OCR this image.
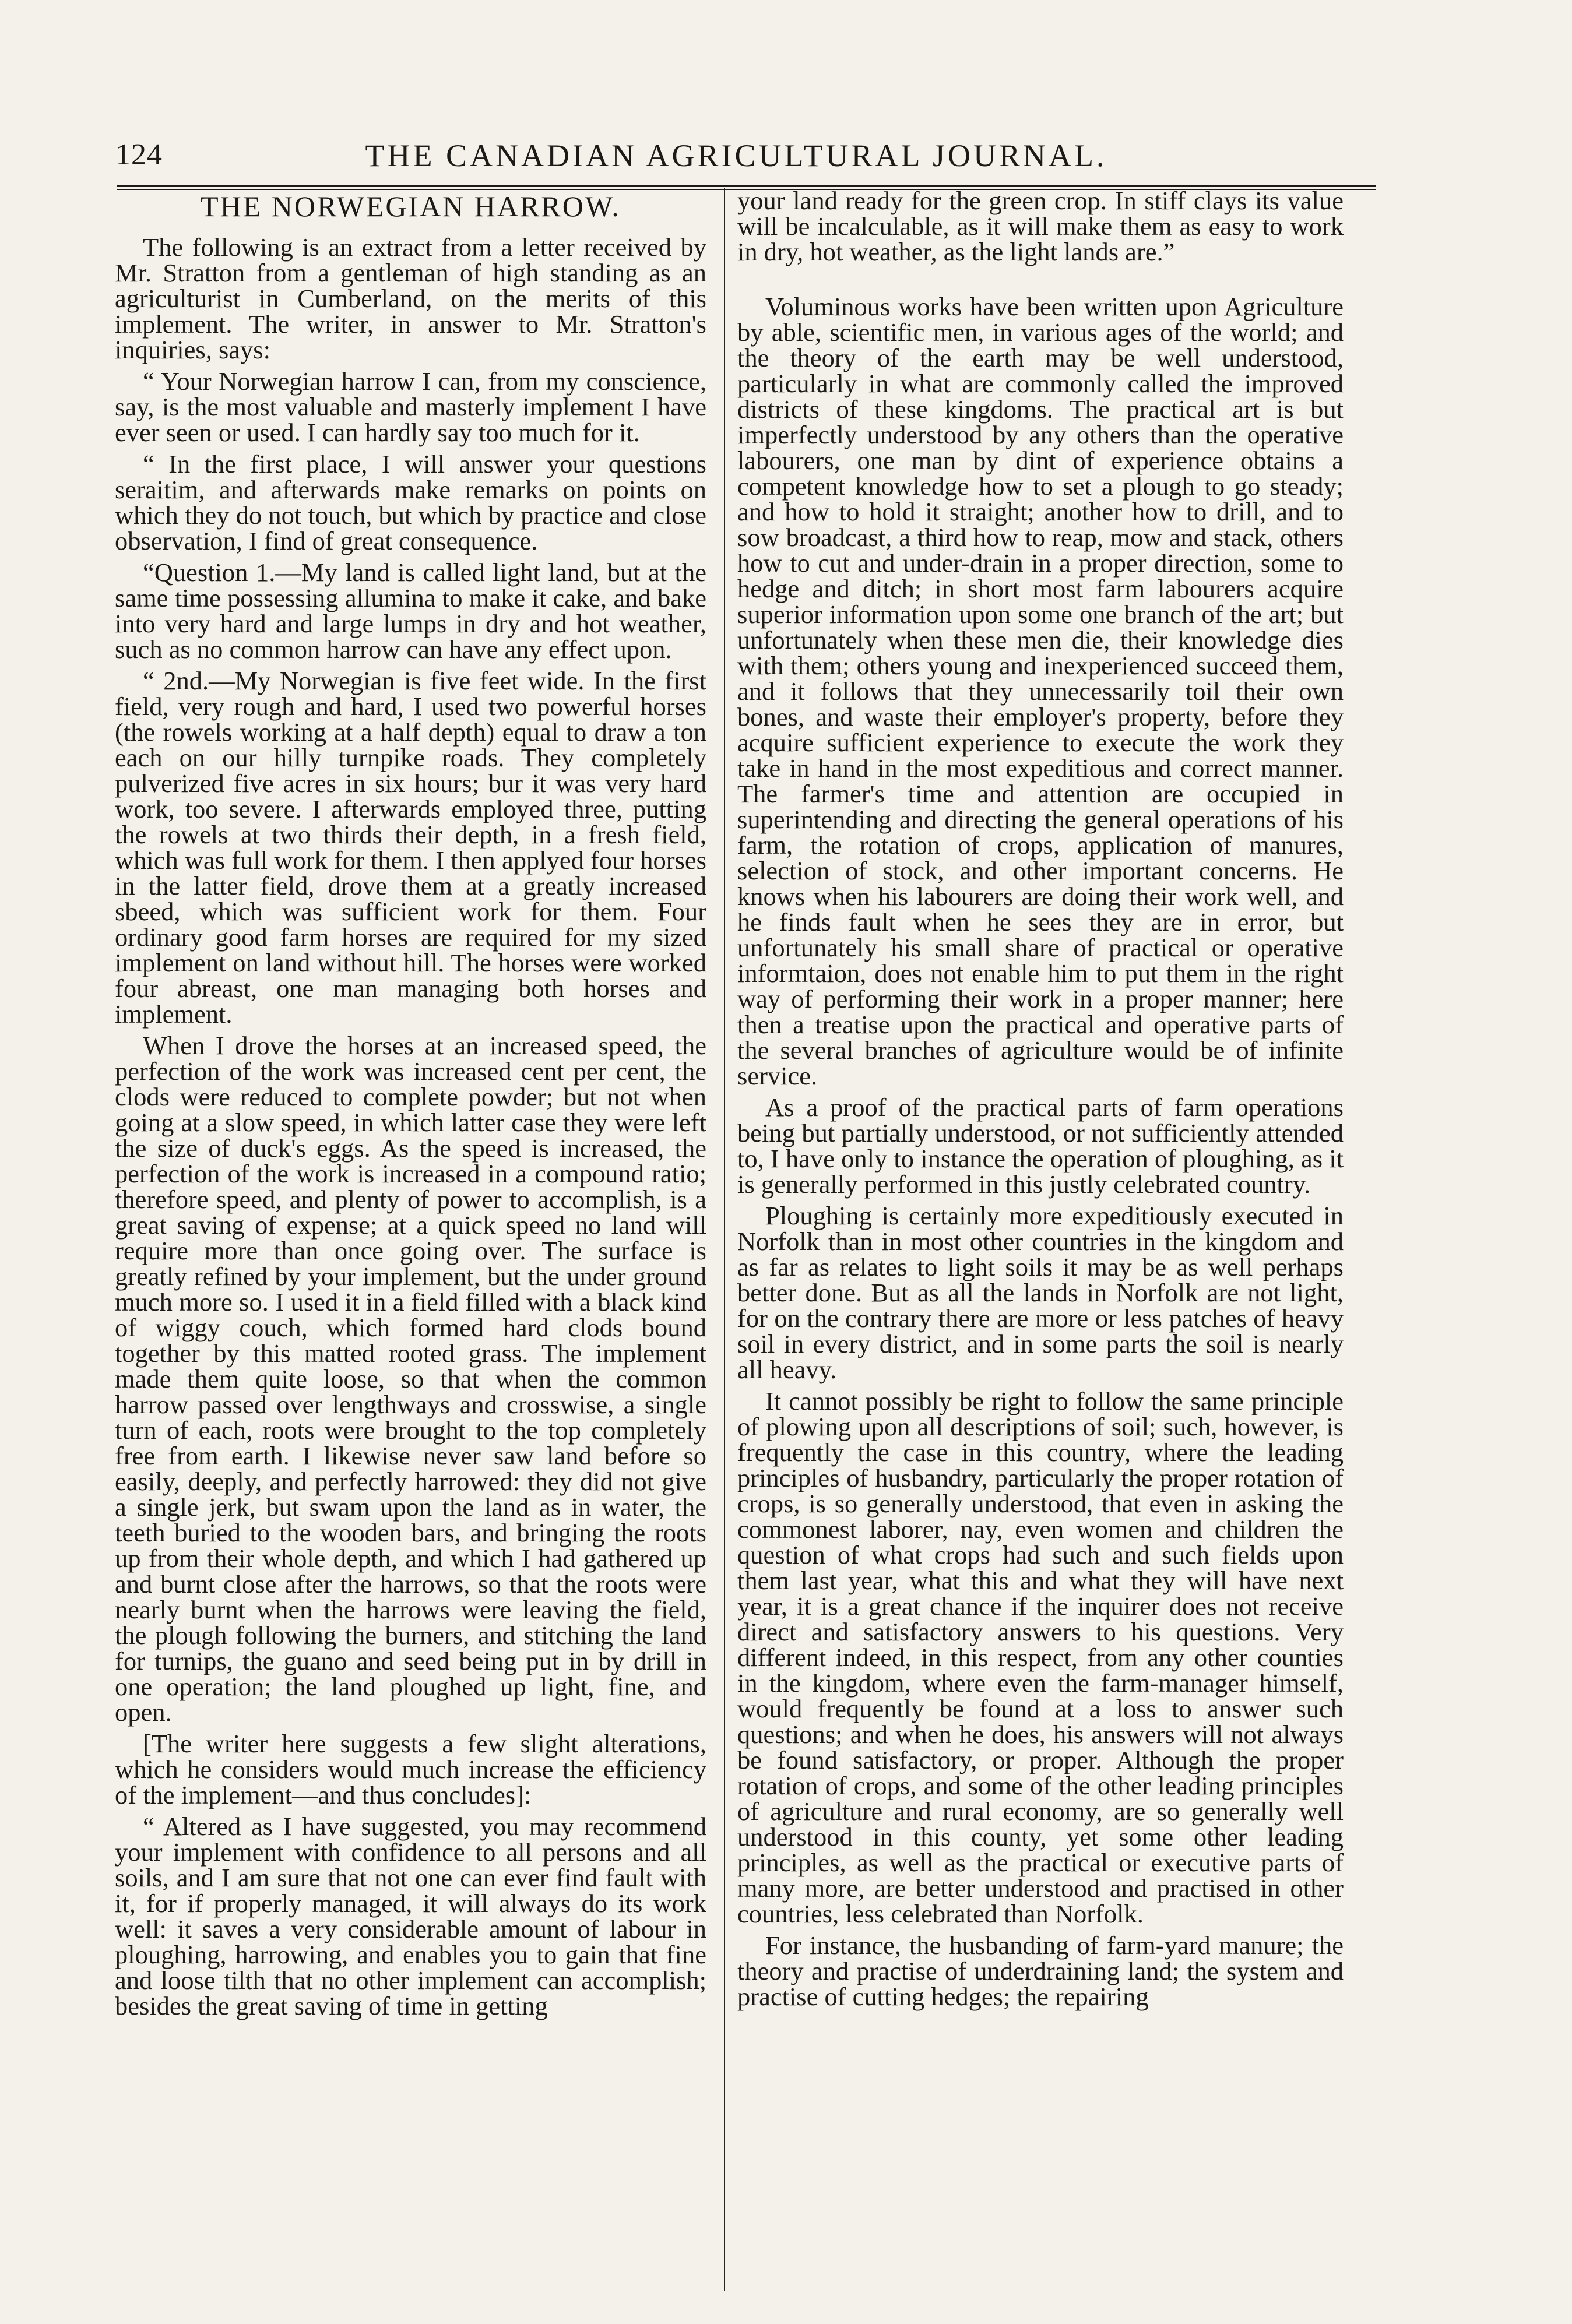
124	THE CANADIAN AGRICULTURAL JOURNAL.
THE NORWEGIAN HARROW.

The following is an extract from a letter received by Mr. Stratton from a gentleman of high standing as an agriculturist in Cumberland, on the merits of this implement. The writer, in answer to Mr. Stratton's inquiries, says:

“ Your Norwegian harrow I can, from my conscience, say, is the most valuable and masterly implement I have ever seen or used. I can hardly say too much for it.

“ In the first place, I will answer your questions seraitim, and afterwards make remarks on points on which they do not touch, but which by practice and close observation, I find of great consequence.

“Question 1.—My land is called light land, but at the same time possessing allumina to make it cake, and bake into very hard and large lumps in dry and hot weather, such as no common harrow can have any effect upon.

“ 2nd.—My Norwegian is five feet wide. In the first field, very rough and hard, I used two powerful horses (the rowels working at a half depth) equal to draw a ton each on our hilly turnpike roads. They completely pulverized five acres in six hours; bur it was very hard work, too severe. I afterwards employed three, putting the rowels at two thirds their depth, in a fresh field, which was full work for them. I then applyed four horses in the latter field, drove them at a greatly increased sbeed, which was sufficient work for them. Four ordinary good farm horses are required for my sized implement on land without hill. The horses were worked four abreast, one man managing both horses and implement.

When I drove the horses at an increased speed, the perfection of the work was increased cent per cent, the clods were reduced to complete powder; but not when going at a slow speed, in which latter case they were left the size of duck's eggs. As the speed is increased, the perfection of the work is increased in a compound ratio; therefore speed, and plenty of power to accomplish, is a great saving of expense; at a quick speed no land will require more than once going over. The surface is greatly refined by your implement, but the under ground much more so. I used it in a field filled with a black kind of wiggy couch, which formed hard clods bound together by this matted rooted grass. The implement made them quite loose, so that when the common harrow passed over lengthways and crosswise, a single turn of each, roots were brought to the top completely free from earth. I likewise never saw land before so easily, deeply, and perfectly harrowed: they did not give a single jerk, but swam upon the land as in water, the teeth buried to the wooden bars, and bringing the roots up from their whole depth, and which I had gathered up and burnt close after the harrows, so that the roots were nearly burnt when the harrows were leaving the field, the plough following the burners, and stitching the land for turnips, the guano and seed being put in by drill in one operation; the land ploughed up light, fine, and open.

[The writer here suggests a few slight alterations, which he considers would much increase the efficiency of the implement—and thus concludes]:

“ Altered as I have suggested, you may recommend your implement with confidence to all persons and all soils, and I am sure that not one can ever find fault with it, for if properly managed, it will always do its work well: it saves a very considerable amount of labour in ploughing, harrowing, and enables you to gain that fine and loose tilth that no other implement can accomplish; besides the great saving of time in getting

your land ready for the green crop. In stiff clays its value will be incalculable, as it will make them as easy to work in dry, hot weather, as the light lands are.”

Voluminous works have been written upon Agriculture by able, scientific men, in various ages of the world; and the theory of the earth may be well understood, particularly in what are commonly called the improved districts of these kingdoms. The practical art is but imperfectly understood by any others than the operative labourers, one man by dint of experience obtains a competent knowledge how to set a plough to go steady; and how to hold it straight; another how to drill, and to sow broadcast, a third how to reap, mow and stack, others how to cut and under-drain in a proper direction, some to hedge and ditch; in short most farm labourers acquire superior information upon some one branch of the art; but unfortunately when these men die, their knowledge dies with them; others young and inexperienced succeed them, and it follows that they unnecessarily toil their own bones, and waste their employer's property, before they acquire sufficient experience to execute the work they take in hand in the most expeditious and correct manner. The farmer's time and attention are occupied in superintending and directing the general operations of his farm, the rotation of crops, application of manures, selection of stock, and other important concerns. He knows when his labourers are doing their work well, and he finds fault when he sees they are in error, but unfortunately his small share of practical or operative informtaion, does not enable him to put them in the right way of performing their work in a proper manner; here then a treatise upon the practical and operative parts of the several branches of agriculture would be of infinite service.

As a proof of the practical parts of farm operations being but partially understood, or not sufficiently attended to, I have only to instance the operation of ploughing, as it is generally performed in this justly celebrated country.

Ploughing is certainly more expeditiously executed in Norfolk than in most other countries in the kingdom and as far as relates to light soils it may be as well perhaps better done. But as all the lands in Norfolk are not light, for on the contrary there are more or less patches of heavy soil in every district, and in some parts the soil is nearly all heavy.

It cannot possibly be right to follow the same principle of plowing upon all descriptions of soil; such, however, is frequently the case in this country, where the leading principles of husbandry, particularly the proper rotation of crops, is so generally understood, that even in asking the commonest laborer, nay, even women and children the question of what crops had such and such fields upon them last year, what this and what they will have next year, it is a great chance if the inquirer does not receive direct and satisfactory answers to his questions. Very different indeed, in this respect, from any other counties in the kingdom, where even the farm-manager himself, would frequently be found at a loss to answer such questions; and when he does, his answers will not always be found satisfactory, or proper. Although the proper rotation of crops, and some of the other leading principles of agriculture and rural economy, are so generally well understood in this county, yet some other leading principles, as well as the practical or executive parts of many more, are better understood and practised in other countries, less celebrated than Norfolk.

For instance, the husbanding of farm-yard manure; the theory and practise of underdraining land; the system and practise of cutting hedges; the repairing
